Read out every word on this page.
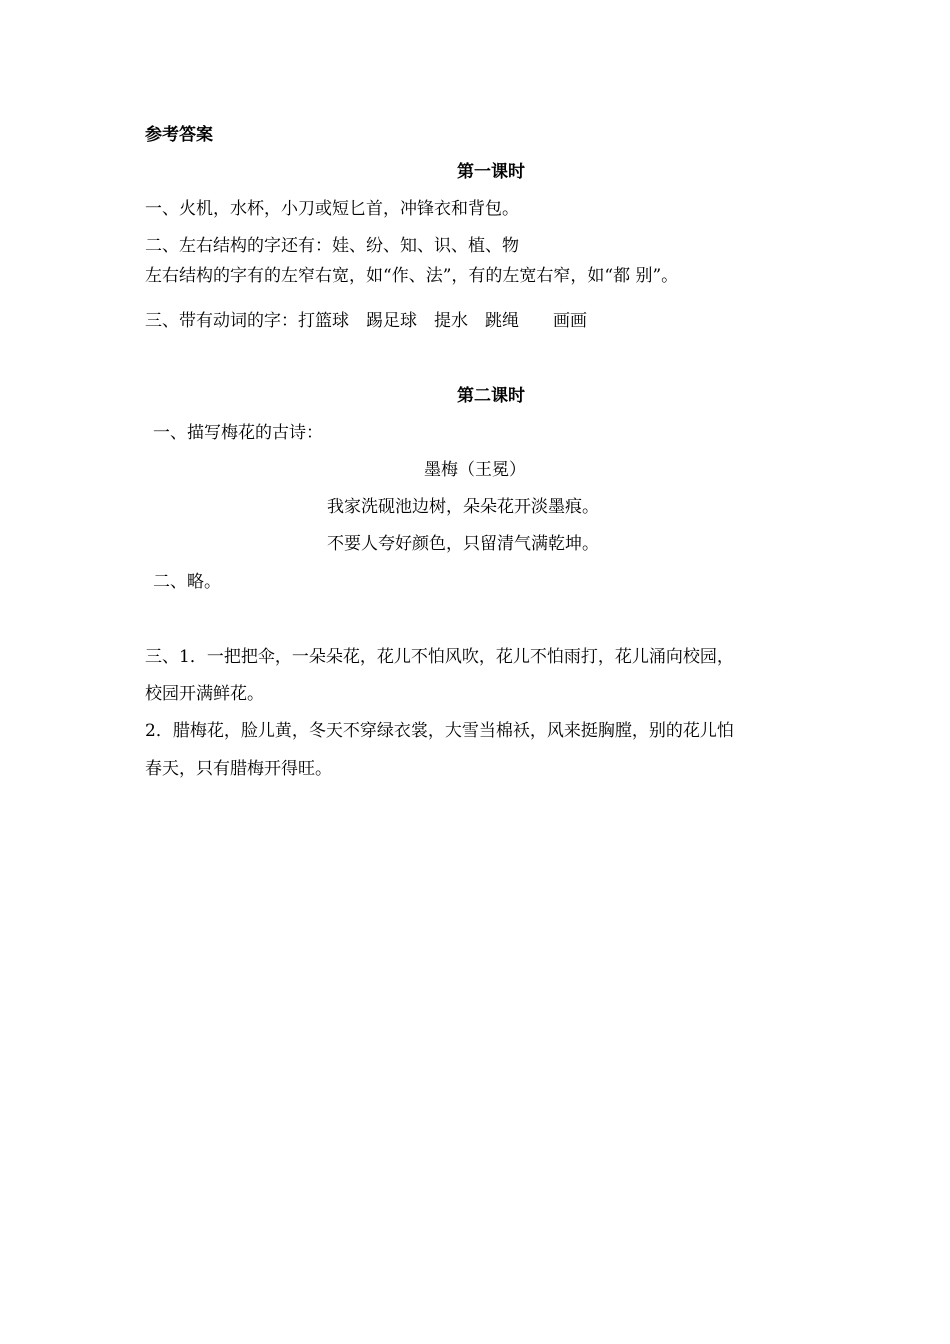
参考答案
第一课时
一、火机，水杯，小刀或短匕首，冲锋衣和背包。
二、左右结构的字还有：娃、纷、知、识、植、物
左右结构的字有的左窄右宽，如“作、法”，有的左宽右窄，如“都 别”。
三、带有动词的字：打篮球　踢足球　提水　跳绳　　画画
第二课时
一、描写梅花的古诗：
墨梅（王冕）
我家洗砚池边树，朵朵花开淡墨痕。
不要人夸好颜色，只留清气满乾坤。
二、略。
三、1．一把把伞，一朵朵花，花儿不怕风吹，花儿不怕雨打，花儿涌向校园，
校园开满鲜花。
2．腊梅花，脸儿黄，冬天不穿绿衣裳，大雪当棉袄，风来挺胸膛，别的花儿怕
春天，只有腊梅开得旺。
